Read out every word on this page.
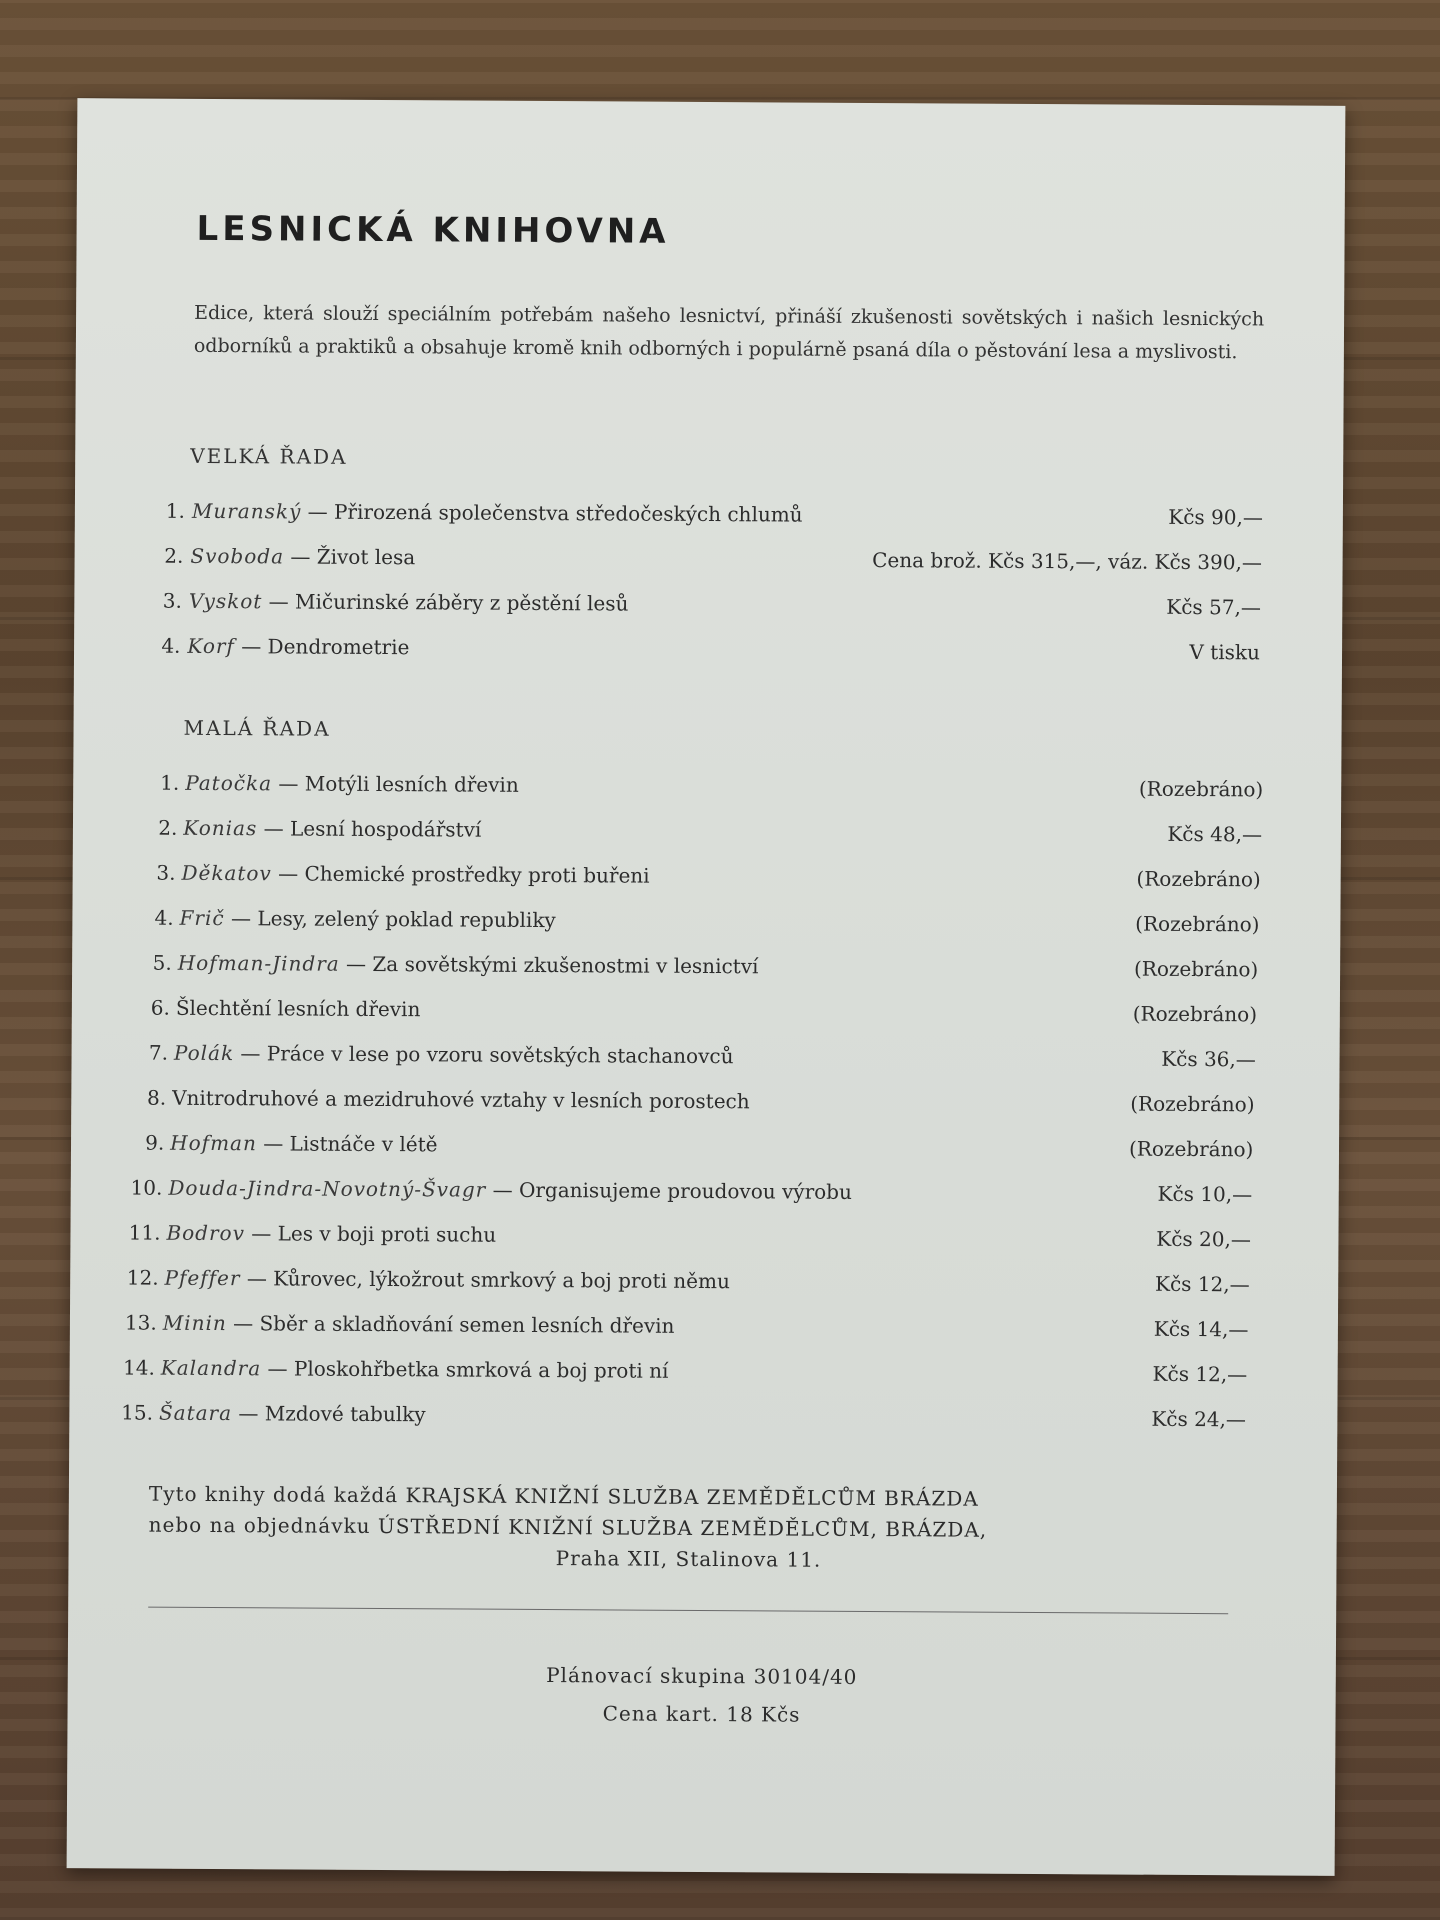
LESNICKÁ KNIHOVNA
Edice, která slouží speciálním potřebám našeho lesnictví, přináší zkušenosti sovětských i našich lesnických odborníků a praktiků a obsahuje kromě knih odborných i populárně psaná díla o pěstování lesa a myslivosti.
VELKÁ ŘADA
1. Muranský — Přirozená společenstva středočeských chlumů	Kčs 90,—
2. Svoboda — Život lesa	Cena brož. Kčs 315,—, váz. Kčs 390,—
3. Vyskot — Mičurinské záběry z pěstění lesů	Kčs 57,—
4. Korf — Dendrometrie	V tisku
MALÁ ŘADA
1. Patočka — Motýli lesních dřevin	(Rozebráno)
2. Konias — Lesní hospodářství	Kčs 48,—
3. Děkatov — Chemické prostředky proti buřeni	(Rozebráno)
4. Frič — Lesy, zelený poklad republiky	(Rozebráno)
5. Hofman-Jindra — Za sovětskými zkušenostmi v lesnictví	(Rozebráno)
6. Šlechtění lesních dřevin	(Rozebráno)
7. Polák — Práce v lese po vzoru sovětských stachanovců	Kčs 36,—
8. Vnitrodruhové a mezidruhové vztahy v lesních porostech	(Rozebráno)
9. Hofman — Listnáče v létě	(Rozebráno)
10. Douda-Jindra-Novotný-Švagr — Organisujeme proudovou výrobu	Kčs 10,—
11. Bodrov — Les v boji proti suchu	Kčs 20,—
12. Pfeffer — Kůrovec, lýkožrout smrkový a boj proti němu	Kčs 12,—
13. Minin — Sběr a skladňování semen lesních dřevin	Kčs 14,—
14. Kalandra — Ploskohřbetka smrková a boj proti ní	Kčs 12,—
15. Šatara — Mzdové tabulky	Kčs 24,—

Tyto knihy dodá každá KRAJSKÁ KNIŽNÍ SLUŽBA ZEMĚDĚLCŮM BRÁZDA

nebo na objednávku ÚSTŘEDNÍ KNIŽNÍ SLUŽBA ZEMĚDĚLCŮM, BRÁZDA,

Praha XII, Stalinova 11.

Plánovací skupina 30104/40
Cena kart. 18 Kčs
